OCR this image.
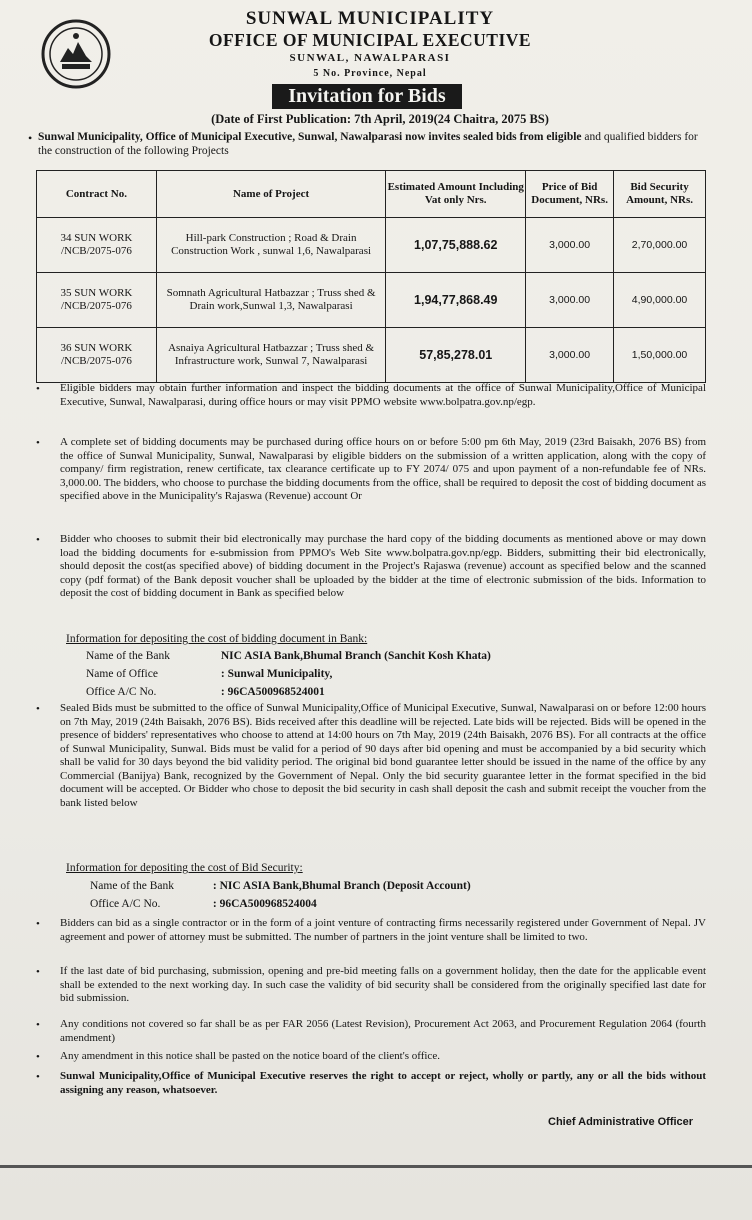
SUNWAL MUNICIPALITY
OFFICE OF MUNICIPAL EXECUTIVE
SUNWAL, NAWALPARASI
5 No. Province, Nepal
Invitation for Bids
(Date of First Publication: 7th April, 2019(24 Chaitra, 2075 BS)
• Sunwal Municipality, Office of Municipal Executive, Sunwal, Nawalparasi now invites sealed bids from eligible and qualified bidders for the construction of the following Projects
Contract No.	Name of Project	Estimated Amount Including Vat only Nrs.	Price of Bid Document, NRs.	Bid Security Amount, NRs.
34 SUN WORK /NCB/2075-076	Hill-park Construction ; Road & Drain Construction Work , sunwal 1,6, Nawalparasi	1,07,75,888.62	3,000.00	2,70,000.00
35 SUN WORK /NCB/2075-076	Somnath Agricultural Hatbazzar ; Truss shed & Drain work,Sunwal 1,3, Nawalparasi	1,94,77,868.49	3,000.00	4,90,000.00
36 SUN WORK /NCB/2075-076	Asnaiya Agricultural Hatbazzar ; Truss shed & Infrastructure work, Sunwal 7, Nawalparasi	57,85,278.01	3,000.00	1,50,000.00
• Eligible bidders may obtain further information and inspect the bidding documents at the office of Sunwal Municipality,Office of Municipal Executive, Sunwal, Nawalparasi, during office hours or may visit PPMO website www.bolpatra.gov.np/egp.
• A complete set of bidding documents may be purchased during office hours on or before 5:00 pm 6th May, 2019 (23rd Baisakh, 2076 BS) from the office of Sunwal Municipality, Sunwal, Nawalparasi by eligible bidders on the submission of a written application, along with the copy of company/ firm registration, renew certificate, tax clearance certificate up to FY 2074/ 075 and upon payment of a non-refundable fee of NRs. 3,000.00. The bidders, who choose to purchase the bidding documents from the office, shall be required to deposit the cost of bidding document as specified above in the Municipality's Rajaswa (Revenue) account Or
• Bidder who chooses to submit their bid electronically may purchase the hard copy of the bidding documents as mentioned above or may down load the bidding documents for e-submission from PPMO's Web Site www.bolpatra.gov.np/egp. Bidders, submitting their bid electronically, should deposit the cost(as specified above) of bidding document in the Project's Rajaswa (revenue) account as specified below and the scanned copy (pdf format) of the Bank deposit voucher shall be uploaded by the bidder at the time of electronic submission of the bids. Information to deposit the cost of bidding document in Bank as specified below
Information for depositing the cost of bidding document in Bank:
Name of the Bank	NIC ASIA Bank,Bhumal Branch (Sanchit Kosh Khata)
Name of Office	: Sunwal Municipality,
Office A/C No.	: 96CA500968524001
• Sealed Bids must be submitted to the office of Sunwal Municipality,Office of Municipal Executive, Sunwal, Nawalparasi on or before 12:00 hours on 7th May, 2019 (24th Baisakh, 2076 BS). Bids received after this deadline will be rejected. Late bids will be rejected. Bids will be opened in the presence of bidders' representatives who choose to attend at 14:00 hours on 7th May, 2019 (24th Baisakh, 2076 BS). For all contracts at the office of Sunwal Municipality, Sunwal. Bids must be valid for a period of 90 days after bid opening and must be accompanied by a bid security which shall be valid for 30 days beyond the bid validity period. The original bid bond guarantee letter should be issued in the name of the office by any Commercial (Banijya) Bank, recognized by the Government of Nepal. Only the bid security guarantee letter in the format specified in the bid document will be accepted. Or Bidder who chose to deposit the bid security in cash shall deposit the cash and submit receipt the voucher from the bank listed below
Information for depositing the cost of Bid Security:
Name of the Bank	: NIC ASIA Bank,Bhumal Branch (Deposit Account)
Office A/C No.	: 96CA500968524004
• Bidders can bid as a single contractor or in the form of a joint venture of contracting firms necessarily registered under Government of Nepal. JV agreement and power of attorney must be submitted. The number of partners in the joint venture shall be limited to two.
• If the last date of bid purchasing, submission, opening and pre-bid meeting falls on a government holiday, then the date for the applicable event shall be extended to the next working day. In such case the validity of bid security shall be considered from the originally specified last date for bid submission.
• Any conditions not covered so far shall be as per FAR 2056 (Latest Revision), Procurement Act 2063, and Procurement Regulation 2064 (fourth amendment)
• Any amendment in this notice shall be pasted on the notice board of the client's office.
• Sunwal Municipality,Office of Municipal Executive reserves the right to accept or reject, wholly or partly, any or all the bids without assigning any reason, whatsoever.
Chief Administrative Officer
